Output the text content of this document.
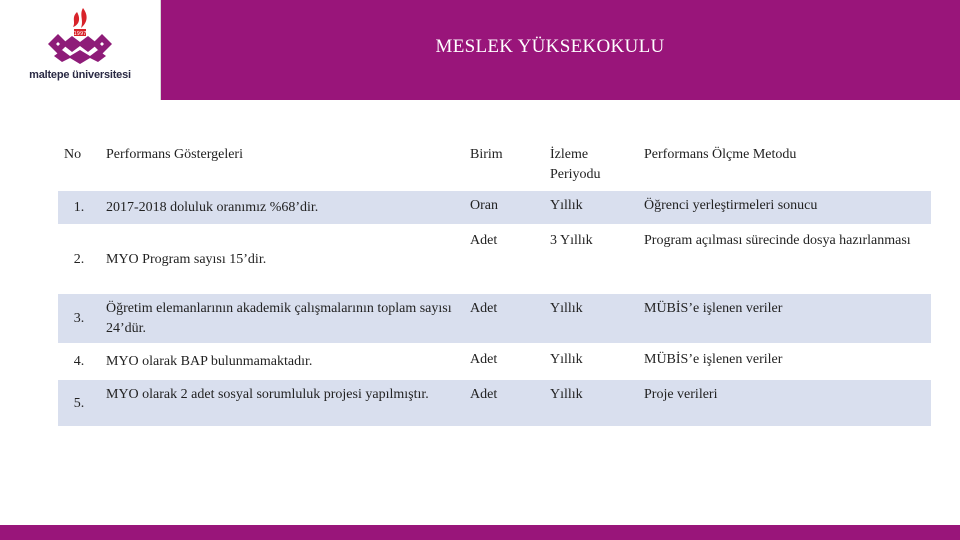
1997
maltepe üniversitesi
MESLEK YÜKSEKOKULU
No	Performans Göstergeleri	Birim	İzleme Periyodu	Performans Ölçme Metodu
1.	2017-2018 doluluk oranımız %68’dir.	Oran	Yıllık	Öğrenci yerleştirmeleri sonucu
2.	MYO Program sayısı 15’dir.	Adet	3 Yıllık	Program açılması sürecinde dosya hazırlanması
3.	Öğretim elemanlarının akademik çalışmalarının toplam sayısı 24’dür.	Adet	Yıllık	MÜBİS’e işlenen veriler
4.	MYO olarak BAP bulunmamaktadır.	Adet	Yıllık	MÜBİS’e işlenen veriler
5.	MYO olarak 2 adet sosyal sorumluluk projesi yapılmıştır.	Adet	Yıllık	Proje verileri
